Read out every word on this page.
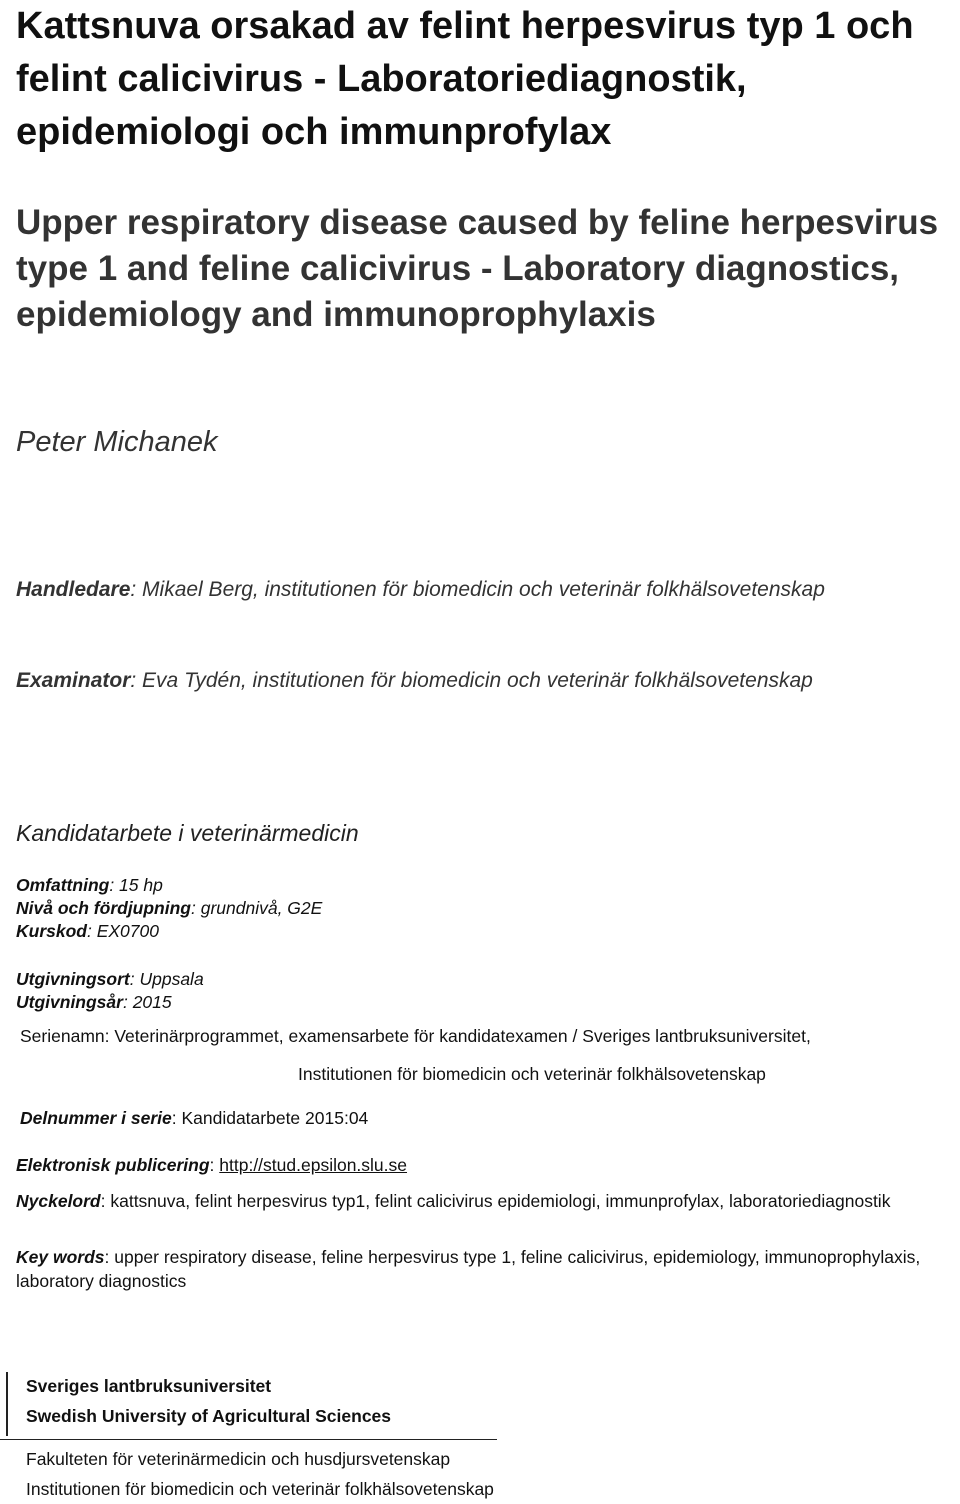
Kattsnuva orsakad av felint herpesvirus typ 1 och felint calicivirus - Laboratoriediagnostik, epidemiologi och immunprofylax
Upper respiratory disease caused by feline herpesvirus type 1 and feline calicivirus - Laboratory diagnostics, epidemiology and immunoprophylaxis
Peter Michanek
Handledare: Mikael Berg, institutionen för biomedicin och veterinär folkhälsovetenskap
Examinator: Eva Tydén, institutionen för biomedicin och veterinär folkhälsovetenskap
Kandidatarbete i veterinärmedicin
Omfattning: 15 hp
Nivå och fördjupning: grundnivå, G2E
Kurskod: EX0700
Utgivningsort: Uppsala
Utgivningsår: 2015
Serienamn: Veterinärprogrammet, examensarbete för kandidatexamen / Sveriges lantbruksuniversitet,
Institutionen för biomedicin och veterinär folkhälsovetenskap
Delnummer i serie: Kandidatarbete 2015:04
Elektronisk publicering: http://stud.epsilon.slu.se
Nyckelord: kattsnuva, felint herpesvirus typ1, felint calicivirus epidemiologi, immunprofylax, laboratoriediagnostik
Key words: upper respiratory disease, feline herpesvirus type 1, feline calicivirus, epidemiology, immunoprophylaxis, laboratory diagnostics
Sveriges lantbruksuniversitet
Swedish University of Agricultural Sciences
Fakulteten för veterinärmedicin och husdjursvetenskap
Institutionen för biomedicin och veterinär folkhälsovetenskap
